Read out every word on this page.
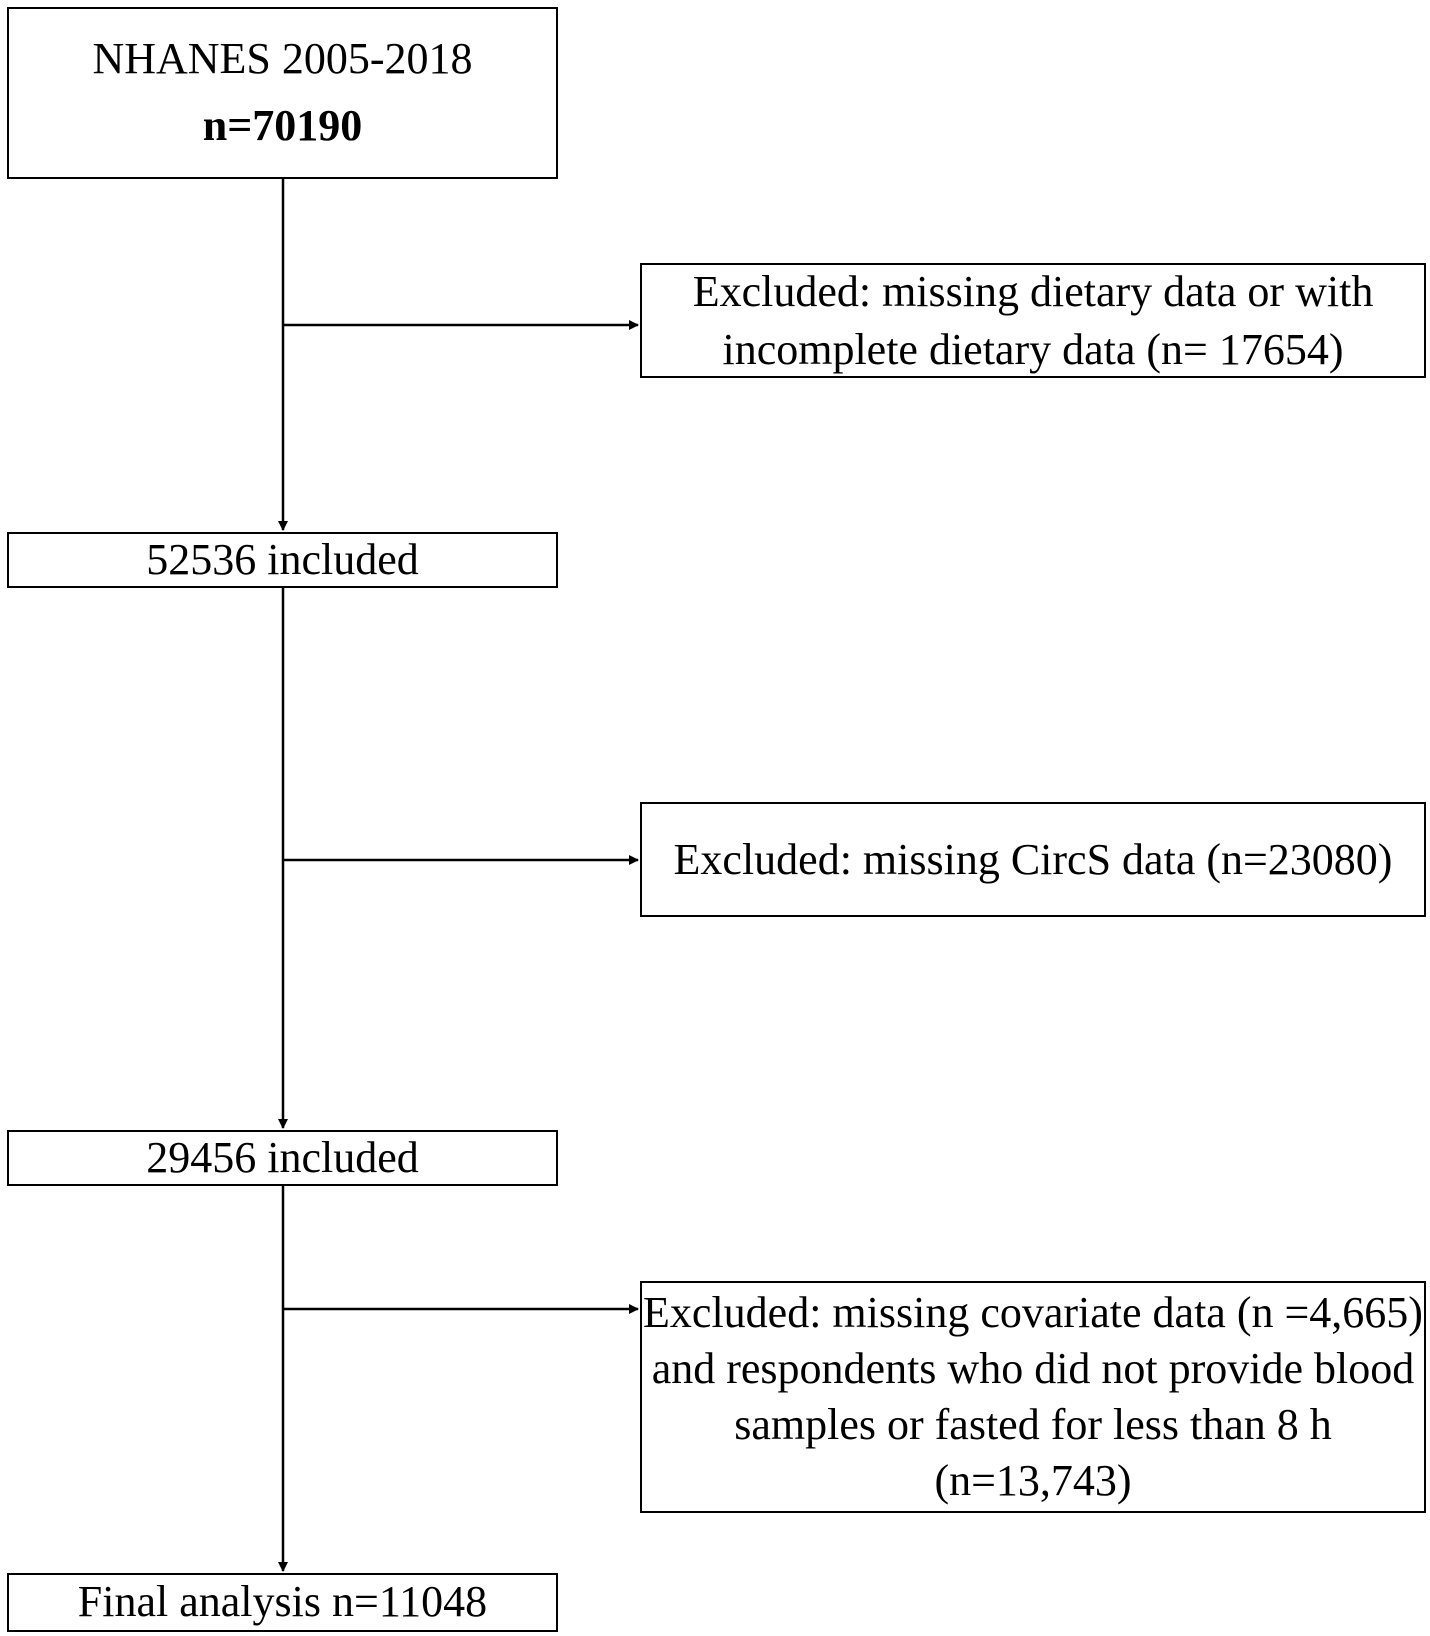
NHANES 2005-2018
n=70190
Excluded: missing dietary data or with incomplete dietary data (n= 17654)
52536 included
Excluded: missing CircS data (n=23080)
29456 included
Excluded: missing covariate data (n =4,665) and respondents who did not provide blood samples or fasted for less than 8 h (n=13,743)
Final analysis n=11048
